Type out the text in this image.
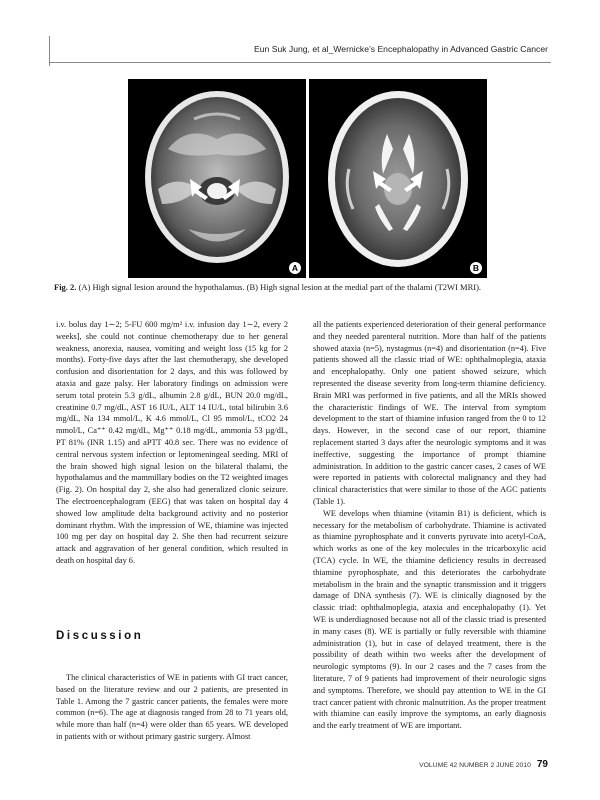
Eun Suk Jung, et al_Wernicke’s Encephalopathy in Advanced Gastric Cancer
A	B
Fig. 2. (A) High signal lesion around the hypothalamus. (B) High signal lesion at the medial part of the thalami (T2WI MRI).

i.v. bolus day 1∼2; 5-FU 600 mg/m² i.v. infusion day 1∼2, every 2 weeks], she could not continue chemotherapy due to her general weakness, anorexia, nausea, vomiting and weight loss (15 kg for 2 months). Forty-five days after the last chemotherapy, she developed confusion and disorientation for 2 days, and this was followed by ataxia and gaze palsy. Her laboratory findings on admission were serum total protein 5.3 g/dL, albumin 2.8 g/dL, BUN 20.0 mg/dL, creatinine 0.7 mg/dL, AST 16 IU/L, ALT 14 IU/L, total bilirubin 3.6 mg/dL, Na 134 mmol/L, K 4.6 mmol/L, Cl 95 mmol/L, tCO2 24 mmol/L, Ca⁺⁺ 0.42 mg/dL, Mg⁺⁺ 0.18 mg/dL, ammonia 53 µg/dL, PT 81% (INR 1.15) and aPTT 40.8 sec. There was no evidence of central nervous system infection or leptomeningeal seeding. MRI of the brain showed high signal lesion on the bilateral thalami, the hypothalamus and the mammillary bodies on the T2 weighted images (Fig. 2). On hospital day 2, she also had generalized clonic seizure. The electroencephalogram (EEG) that was taken on hospital day 4 showed low amplitude delta background activity and no posterior dominant rhythm. With the impression of WE, thiamine was injected 100 mg per day on hospital day 2. She then had recurrent seizure attack and aggravation of her general condition, which resulted in death on hospital day 6.

Discussion

The clinical characteristics of WE in patients with GI tract cancer, based on the literature review and our 2 patients, are presented in Table 1. Among the 7 gastric cancer patients, the females were more common (n=6). The age at diagnosis ranged from 28 to 71 years old, while more than half (n=4) were older than 65 years. WE developed in patients with or without primary gastric surgery. Almost

all the patients experienced deterioration of their general performance and they needed parenteral nutrition. More than half of the patients showed ataxia (n=5), nystagmus (n=4) and disorientation (n=4). Five patients showed all the classic triad of WE: ophthalmoplegia, ataxia and encephalopathy. Only one patient showed seizure, which represented the disease severity from long-term thiamine deficiency. Brain MRI was performed in five patients, and all the MRIs showed the characteristic findings of WE. The interval from symptom development to the start of thiamine infusion ranged from the 0 to 12 days. However, in the second case of our report, thiamine replacement started 3 days after the neurologic symptoms and it was ineffective, suggesting the importance of prompt thiamine administration. In addition to the gastric cancer cases, 2 cases of WE were reported in patients with colorectal malignancy and they had clinical characteristics that were similar to those of the AGC patients (Table 1).

WE develops when thiamine (vitamin B1) is deficient, which is necessary for the metabolism of carbohydrate. Thiamine is activated as thiamine pyrophosphate and it converts pyruvate into acetyl-CoA, which works as one of the key molecules in the tricarboxylic acid (TCA) cycle. In WE, the thiamine deficiency results in decreased thiamine pyrophosphate, and this deteriorates the carbohydrate metabolism in the brain and the synaptic transmission and it triggers damage of DNA synthesis (7). WE is clinically diagnosed by the classic triad: ophthalmoplegia, ataxia and encephalopathy (1). Yet WE is underdiagnosed because not all of the classic triad is presented in many cases (8). WE is partially or fully reversible with thiamine administration (1), but in case of delayed treatment, there is the possibility of death within two weeks after the development of neurologic symptoms (9). In our 2 cases and the 7 cases from the literature, 7 of 9 patients had improvement of their neurologic signs and symptoms. Therefore, we should pay attention to WE in the GI tract cancer patient with chronic malnutrition. As the proper treatment with thiamine can easily improve the symptoms, an early diagnosis and the early treatment of WE are important.

VOLUME 42 NUMBER 2 JUNE 2010 79
